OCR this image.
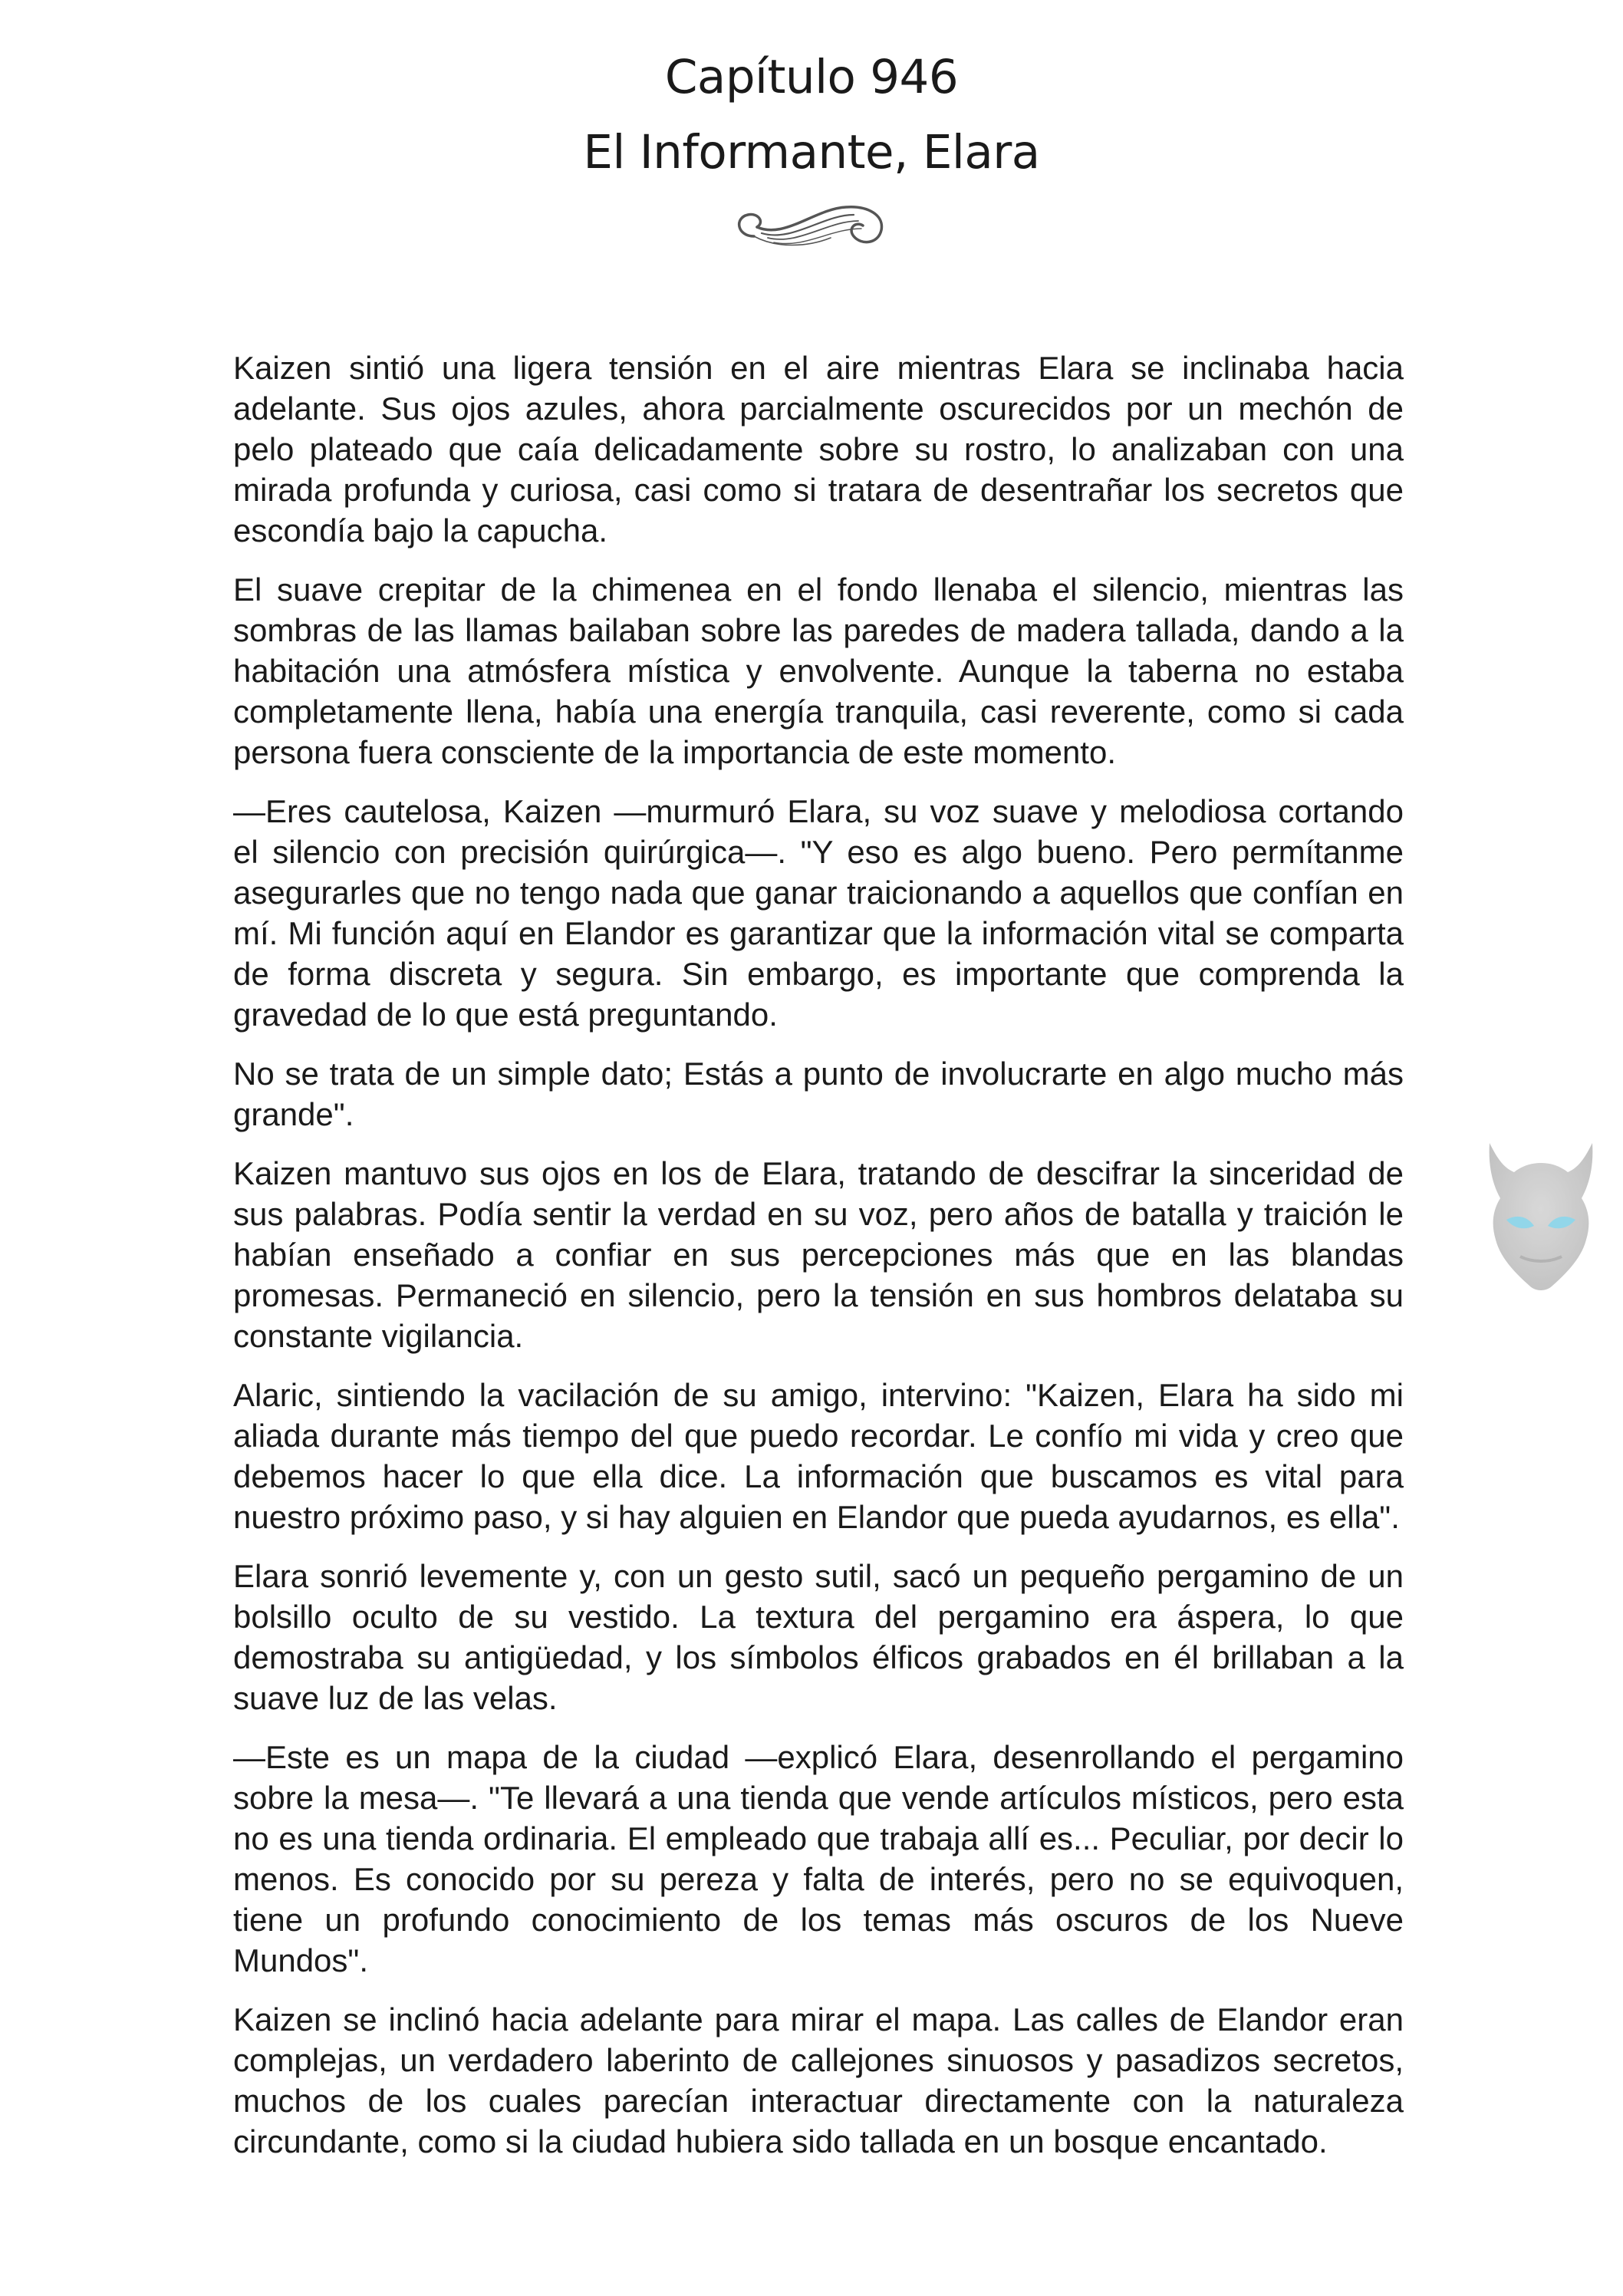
Capítulo 946
El Informante, Elara

Kaizen sintió una ligera tensión en el aire mientras Elara se inclinaba hacia adelante. Sus ojos azules, ahora parcialmente oscurecidos por un mechón de pelo plateado que caía delicadamente sobre su rostro, lo analizaban con una mirada profunda y curiosa, casi como si tratara de desentrañar los secretos que escondía bajo la capucha.

El suave crepitar de la chimenea en el fondo llenaba el silencio, mientras las sombras de las llamas bailaban sobre las paredes de madera tallada, dando a la habitación una atmósfera mística y envolvente. Aunque la taberna no estaba completamente llena, había una energía tranquila, casi reverente, como si cada persona fuera consciente de la importancia de este momento.

—Eres cautelosa, Kaizen —murmuró Elara, su voz suave y melodiosa cortando el silencio con precisión quirúrgica—. "Y eso es algo bueno. Pero permítanme asegurarles que no tengo nada que ganar traicionando a aquellos que confían en mí. Mi función aquí en Elandor es garantizar que la información vital se comparta de forma discreta y segura. Sin embargo, es importante que comprenda la gravedad de lo que está preguntando.

No se trata de un simple dato; Estás a punto de involucrarte en algo mucho más grande".

Kaizen mantuvo sus ojos en los de Elara, tratando de descifrar la sinceridad de sus palabras. Podía sentir la verdad en su voz, pero años de batalla y traición le habían enseñado a confiar en sus percepciones más que en las blandas promesas. Permaneció en silencio, pero la tensión en sus hombros delataba su constante vigilancia.

Alaric, sintiendo la vacilación de su amigo, intervino: "Kaizen, Elara ha sido mi aliada durante más tiempo del que puedo recordar. Le confío mi vida y creo que debemos hacer lo que ella dice. La información que buscamos es vital para nuestro próximo paso, y si hay alguien en Elandor que pueda ayudarnos, es ella".

Elara sonrió levemente y, con un gesto sutil, sacó un pequeño pergamino de un bolsillo oculto de su vestido. La textura del pergamino era áspera, lo que demostraba su antigüedad, y los símbolos élficos grabados en él brillaban a la suave luz de las velas.

—Este es un mapa de la ciudad —explicó Elara, desenrollando el pergamino sobre la mesa—. "Te llevará a una tienda que vende artículos místicos, pero esta no es una tienda ordinaria. El empleado que trabaja allí es... Peculiar, por decir lo menos. Es conocido por su pereza y falta de interés, pero no se equivoquen, tiene un profundo conocimiento de los temas más oscuros de los Nueve Mundos".

Kaizen se inclinó hacia adelante para mirar el mapa. Las calles de Elandor eran complejas, un verdadero laberinto de callejones sinuosos y pasadizos secretos, muchos de los cuales parecían interactuar directamente con la naturaleza circundante, como si la ciudad hubiera sido tallada en un bosque encantado.
